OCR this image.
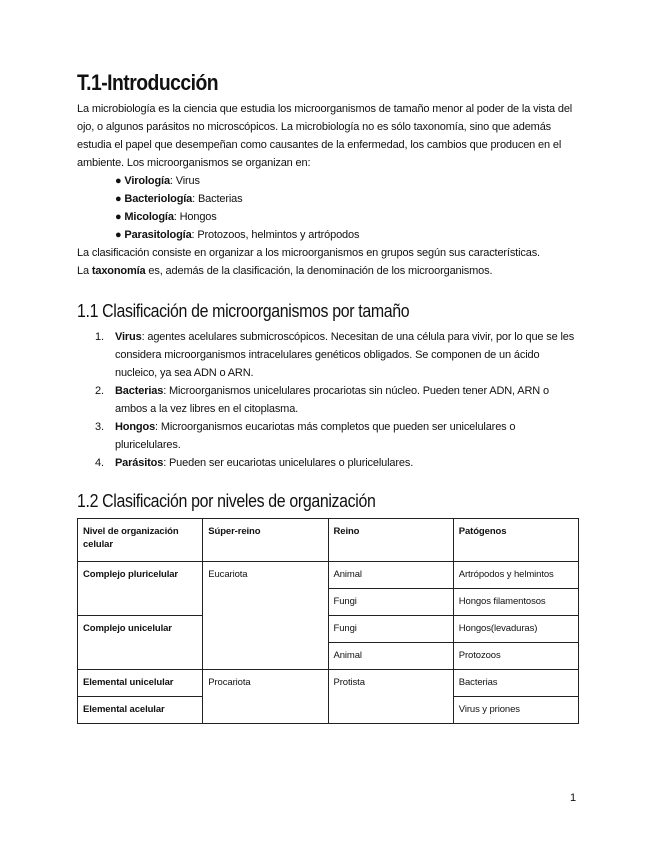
T.1-Introducción

La microbiología es la ciencia que estudia los microorganismos de tamaño menor al poder de la vista del ojo, o algunos parásitos no microscópicos. La microbiología no es sólo taxonomía, sino que además estudia el papel que desempeñan como causantes de la enfermedad, los cambios que producen en el ambiente. Los microorganismos se organizan en:

● Virología: Virus
● Bacteriología: Bacterias
● Micología: Hongos
● Parasitología: Protozoos, helmintos y artrópodos

La clasificación consiste en organizar a los microorganismos en grupos según sus características.

La taxonomía es, además de la clasificación, la denominación de los microorganismos.

1.1 Clasificación de microorganismos por tamaño
1. Virus: agentes acelulares submicroscópicos. Necesitan de una célula para vivir, por lo que se les considera microorganismos intracelulares genéticos obligados. Se componen de un ácido nucleico, ya sea ADN o ARN.
2. Bacterias: Microorganismos unicelulares procariotas sin núcleo. Pueden tener ADN, ARN o ambos a la vez libres en el citoplasma.
3. Hongos: Microorganismos eucariotas más completos que pueden ser unicelulares o pluricelulares.
4. Parásitos: Pueden ser eucariotas unicelulares o pluricelulares.
1.2 Clasificación por niveles de organización
Nivel de organización celular	Súper-reino	Reino	Patógenos
Complejo pluricelular	Eucariota	Animal	Artrópodos y helmintos
		Fungi	Hongos filamentosos
Complejo unicelular		Fungi	Hongos(levaduras)
		Animal	Protozoos
Elemental unicelular	Procariota	Protista	Bacterias
Elemental acelular			Virus y priones
1
